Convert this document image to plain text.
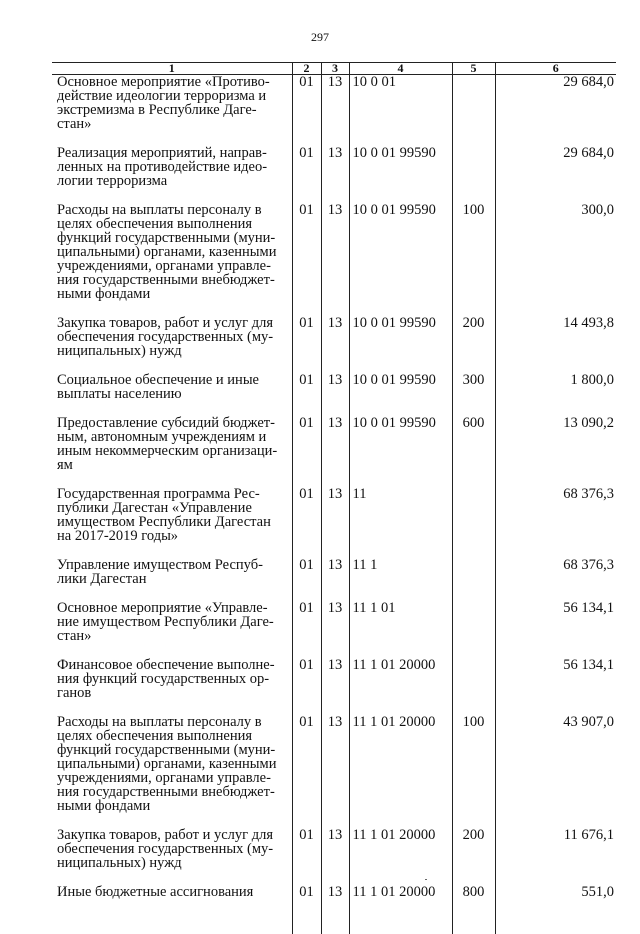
297
1	2	3	4	5	6
Основное мероприятие «Противо-действие идеологии терроризма и экстремизма в Республике Даге-стан»	01	13	10 0 01		29 684,0
Реализация мероприятий, направ-ленных на противодействие идео-логии терроризма	01	13	10 0 01 99590		29 684,0
Расходы на выплаты персоналу в целях обеспечения выполнения функций государственными (муни-ципальными) органами, казенными учреждениями, органами управле-ния государственными внебюджет-ными фондами	01	13	10 0 01 99590	100	300,0
Закупка товаров, работ и услуг для обеспечения государственных (му-ниципальных) нужд	01	13	10 0 01 99590	200	14 493,8
Социальное обеспечение и иные выплаты населению	01	13	10 0 01 99590	300	1 800,0
Предоставление субсидий бюджет-ным, автономным учреждениям и иным некоммерческим организаци-ям	01	13	10 0 01 99590	600	13 090,2
Государственная программа Рес-публики Дагестан «Управление имуществом Республики Дагестан на 2017-2019 годы»	01	13	11		68 376,3
Управление имуществом Респуб-лики Дагестан	01	13	11 1		68 376,3
Основное мероприятие «Управле-ние имуществом Республики Даге-стан»	01	13	11 1 01		56 134,1
Финансовое обеспечение выполне-ния функций государственных ор-ганов	01	13	11 1 01 20000		56 134,1
Расходы на выплаты персоналу в целях обеспечения выполнения функций государственными (муни-ципальными) органами, казенными учреждениями, органами управле-ния государственными внебюджет-ными фондами	01	13	11 1 01 20000	100	43 907,0
Закупка товаров, работ и услуг для обеспечения государственных (му-ниципальных) нужд	01	13	11 1 01 20000	200	11 676,1
Иные бюджетные ассигнования	01	13	11 1 01 20000	800	551,0
